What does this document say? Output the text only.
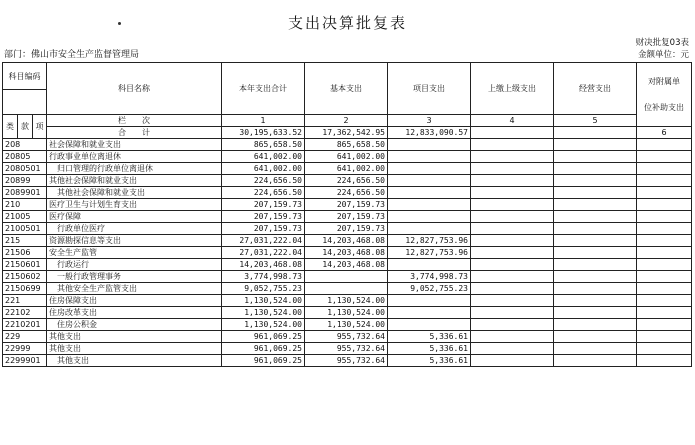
支出决算批复表
部门：佛山市安全生产监督管理局
财决批复03表
金额单位：元
科目编码			科目名称	本年支出合计	基本支出	项目支出	上缴上级支出	经营支出	对附属单
位补助支出

类	款	项	栏　　次	1	2	3	4	5	
			合　　计	30,195,633.52	17,362,542.95	12,833,090.57			6
208			社会保障和就业支出	865,658.50	865,658.50				
20805			行政事业单位离退休	641,002.00	641,002.00				
2080501			归口管理的行政单位离退休	641,002.00	641,002.00				
20899			其他社会保障和就业支出	224,656.50	224,656.50				
2089901			其他社会保障和就业支出	224,656.50	224,656.50				
210			医疗卫生与计划生育支出	207,159.73	207,159.73				
21005			医疗保障	207,159.73	207,159.73				
2100501			行政单位医疗	207,159.73	207,159.73				
215			资源勘探信息等支出	27,031,222.04	14,203,468.08	12,827,753.96			
21506			安全生产监管	27,031,222.04	14,203,468.08	12,827,753.96			
2150601			行政运行	14,203,468.08	14,203,468.08				
2150602			一般行政管理事务	3,774,998.73		3,774,998.73			
2150699			其他安全生产监管支出	9,052,755.23		9,052,755.23			
221			住房保障支出	1,130,524.00	1,130,524.00				
22102			住房改革支出	1,130,524.00	1,130,524.00				
2210201			住房公积金	1,130,524.00	1,130,524.00				
229			其他支出	961,069.25	955,732.64	5,336.61			
22999			其他支出	961,069.25	955,732.64	5,336.61			
2299901			其他支出	961,069.25	955,732.64	5,336.61			
